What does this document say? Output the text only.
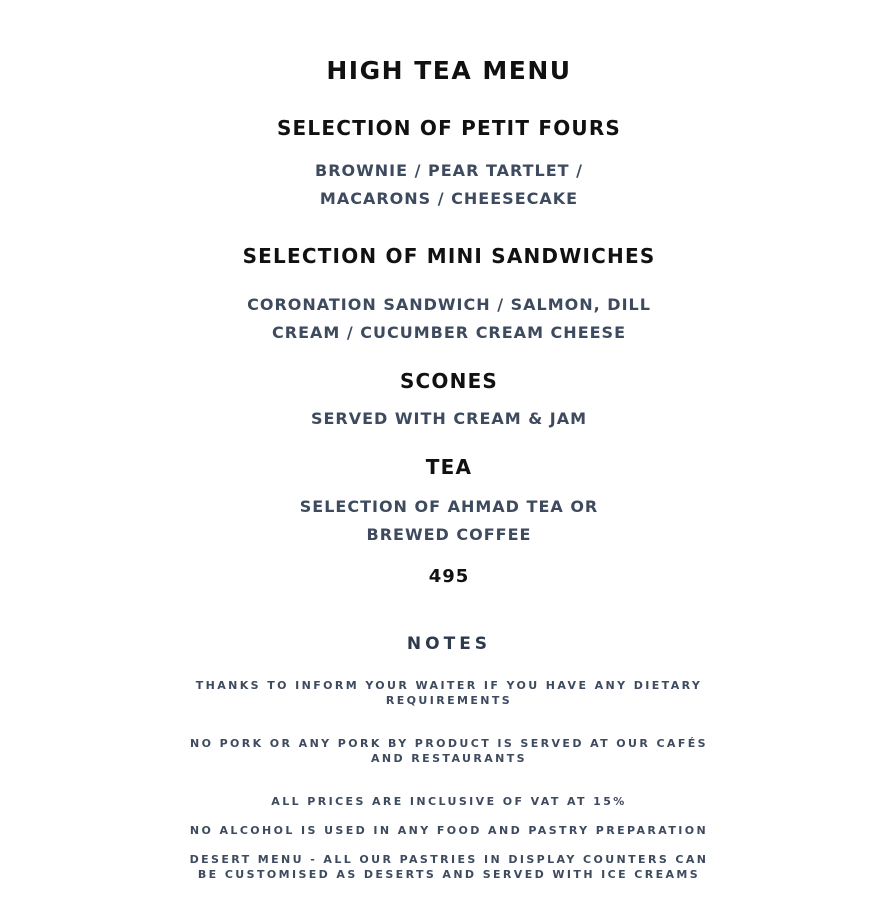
HIGH TEA MENU
SELECTION OF PETIT FOURS
BROWNIE / PEAR TARTLET /
MACARONS / CHEESECAKE
SELECTION OF MINI SANDWICHES
CORONATION SANDWICH / SALMON, DILL
CREAM / CUCUMBER CREAM CHEESE
SCONES
SERVED WITH CREAM & JAM
TEA
SELECTION OF AHMAD TEA OR
BREWED COFFEE
495
NOTES
THANKS TO INFORM YOUR WAITER IF YOU HAVE ANY DIETARY
REQUIREMENTS
NO PORK OR ANY PORK BY PRODUCT IS SERVED AT OUR CAFÉS
AND RESTAURANTS
ALL PRICES ARE INCLUSIVE OF VAT AT 15%
NO ALCOHOL IS USED IN ANY FOOD AND PASTRY PREPARATION
DESERT MENU - ALL OUR PASTRIES IN DISPLAY COUNTERS CAN
BE CUSTOMISED AS DESERTS AND SERVED WITH ICE CREAMS
